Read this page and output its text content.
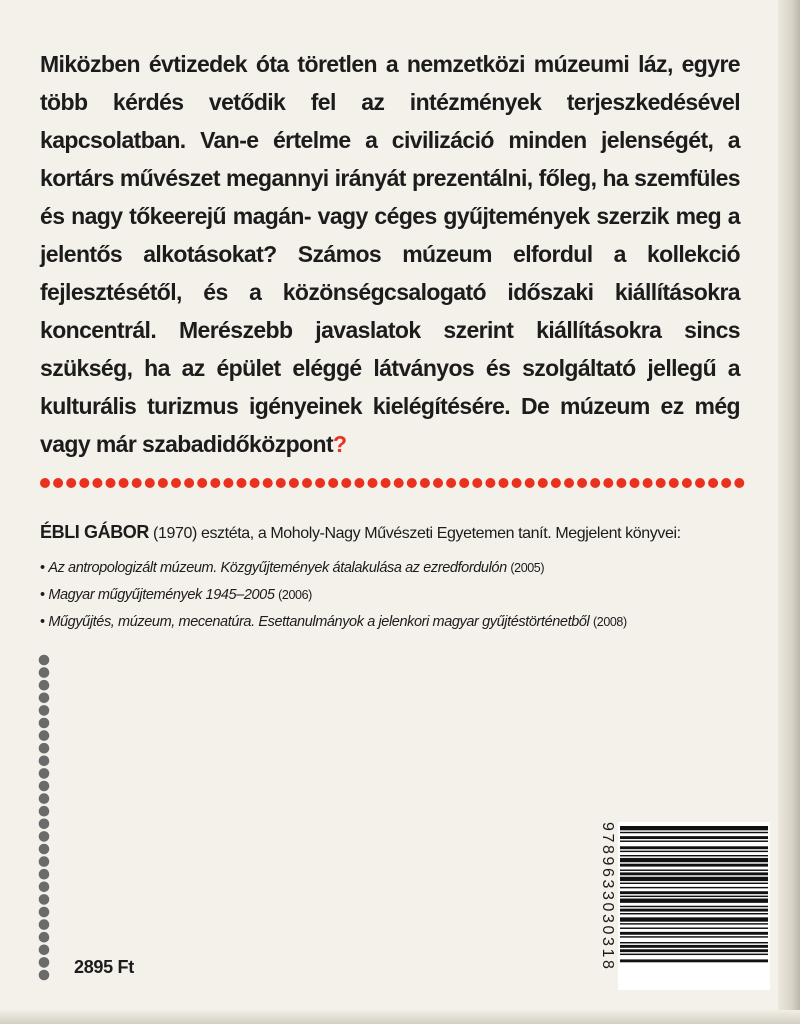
Miközben évtizedek óta töretlen a nemzetközi múzeumi láz, egyre több kérdés vetődik fel az intézmények terjeszkedésével kapcsolatban. Van-e értelme a civilizáció minden jelenségét, a kortárs művészet megannyi irányát prezentálni, főleg, ha szemfüles és nagy tőkeerejű magán- vagy céges gyűjtemények szerzik meg a jelentős alkotásokat? Számos múzeum elfordul a kollekció fejlesztésétől, és a közönségcsalogató időszaki kiállításokra koncentrál. Merészebb javaslatok szerint kiállításokra sincs szükség, ha az épület eléggé látványos és szolgáltató jellegű a kulturális turizmus igényeinek kielégítésére. De múzeum ez még vagy már szabadidőközpont?
ÉBLI GÁBOR (1970) esztéta, a Moholy-Nagy Művészeti Egyetemen tanít. Megjelent könyvei:
• Az antropologizált múzeum. Közgyűjtemények átalakulása az ezredfordulón (2005)
• Magyar műgyűjtemények 1945–2005 (2006)
• Műgyűjtés, múzeum, mecenatúra. Esettanulmányok a jelenkori magyar gyűjtéstörténetből (2008)
2895 Ft	9789633030318
